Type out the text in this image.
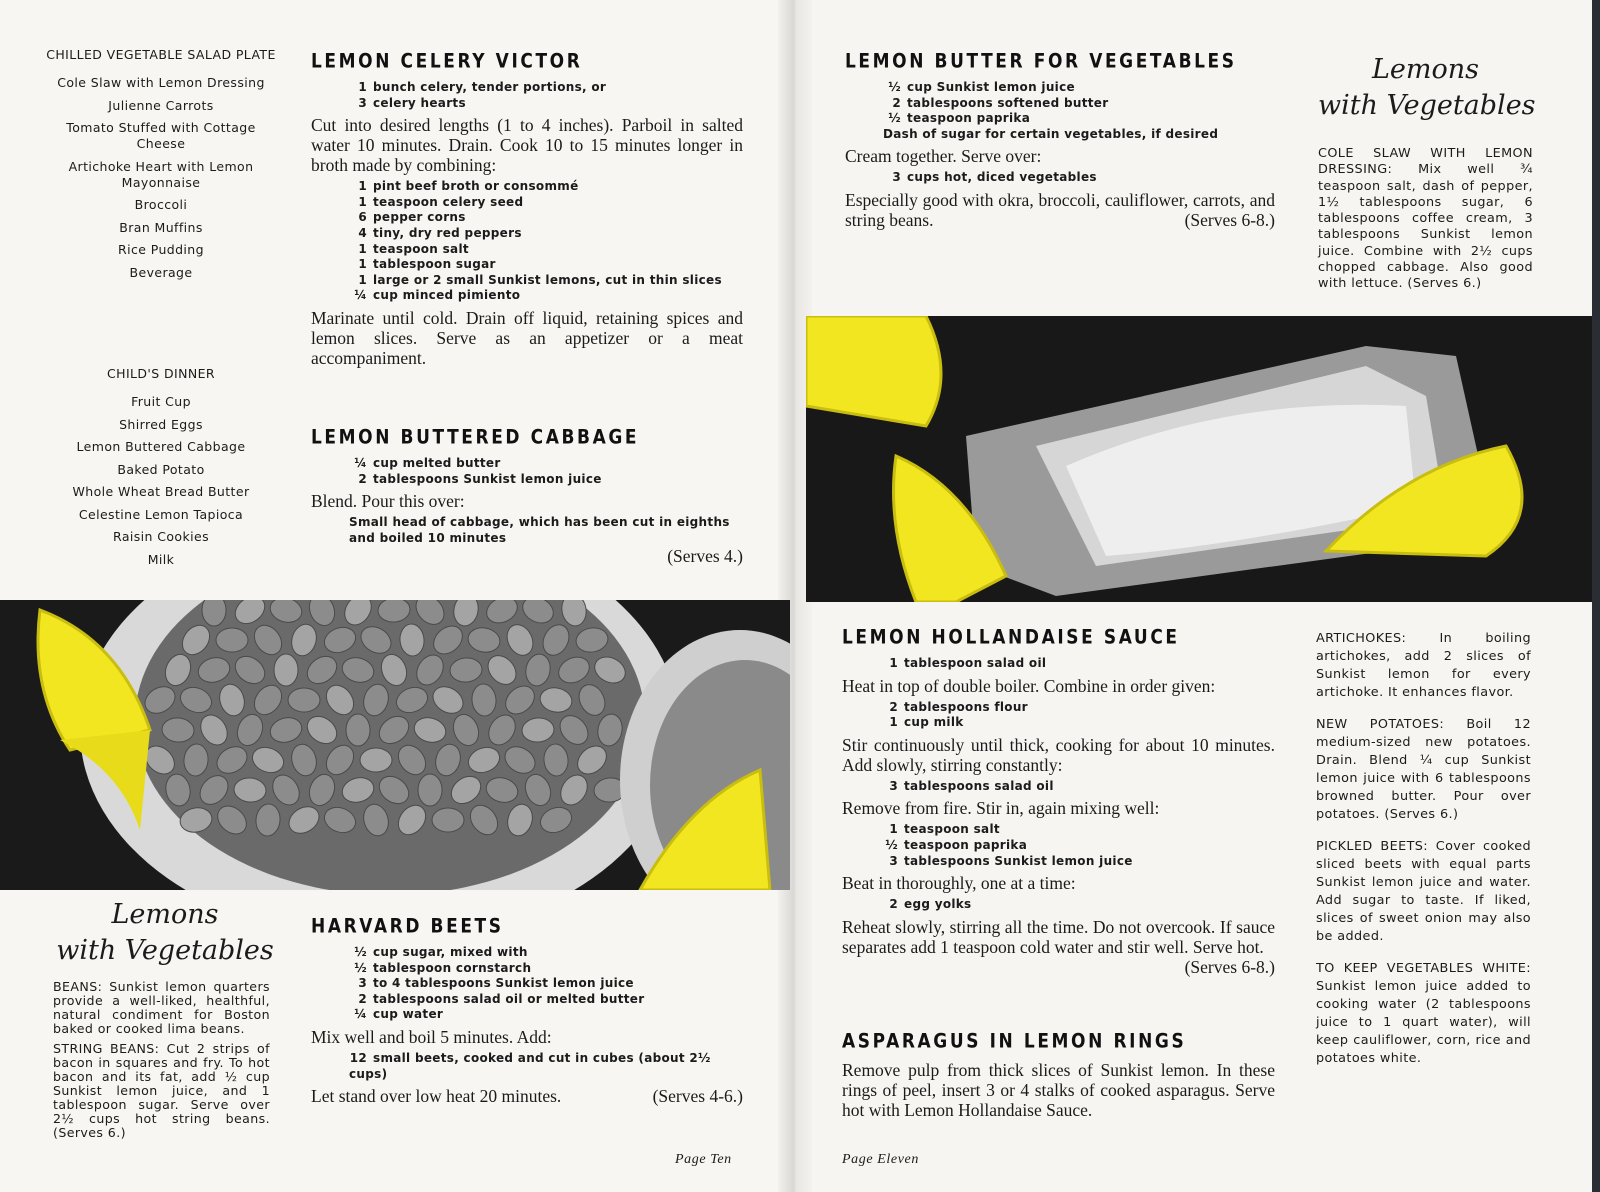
CHILLED VEGETABLE SALAD PLATE
Cole Slaw with Lemon Dressing
Julienne Carrots
Tomato Stuffed with Cottage Cheese
Artichoke Heart with Lemon Mayonnaise
Broccoli
Bran Muffins
Rice Pudding
Beverage
CHILD'S DINNER
Fruit Cup
Shirred Eggs
Lemon Buttered Cabbage
Baked Potato
Whole Wheat Bread Butter
Celestine Lemon Tapioca
Raisin Cookies
Milk
LEMON CELERY VICTOR
1 bunch celery, tender portions, or
3 celery hearts

Cut into desired lengths (1 to 4 inches). Parboil in salted water 10 minutes. Drain. Cook 10 to 15 minutes longer in broth made by combining:

1 pint beef broth or consommé
1 teaspoon celery seed
6 pepper corns
4 tiny, dry red peppers
1 teaspoon salt
1 tablespoon sugar
1 large or 2 small Sunkist lemons, cut in thin slices
¼ cup minced pimiento

Marinate until cold. Drain off liquid, retaining spices and lemon slices. Serve as an appetizer or a meat accompaniment.

LEMON BUTTERED CABBAGE
¼ cup melted butter
2 tablespoons Sunkist lemon juice

Blend. Pour this over:

Small head of cabbage, which has been cut in eighths and boiled 10 minutes
(Serves 4.)
Lemons
with Vegetables

BEANS: Sunkist lemon quarters provide a well-liked, healthful, natural condiment for Boston baked or cooked lima beans.

STRING BEANS: Cut 2 strips of bacon in squares and fry. To hot bacon and its fat, add ½ cup Sunkist lemon juice, and 1 tablespoon sugar. Serve over 2½ cups hot string beans. (Serves 6.)

HARVARD BEETS
½ cup sugar, mixed with
½ tablespoon cornstarch
3 to 4 tablespoons Sunkist lemon juice
2 tablespoons salad oil or melted butter
¼ cup water

Mix well and boil 5 minutes. Add:

12 small beets, cooked and cut in cubes (about 2½ cups)

Let stand over low heat 20 minutes.	(Serves 4-6.)

Page Ten
LEMON BUTTER FOR VEGETABLES
½ cup Sunkist lemon juice
2 tablespoons softened butter
½ teaspoon paprika
Dash of sugar for certain vegetables, if desired

Cream together. Serve over:

3 cups hot, diced vegetables

Especially good with okra, broccoli, cauliflower, carrots, and string beans.	(Serves 6-8.)

Lemons
with Vegetables

COLE SLAW WITH LEMON DRESSING: Mix well ¾ teaspoon salt, dash of pepper, 1½ tablespoons sugar, 6 tablespoons coffee cream, 3 tablespoons Sunkist lemon juice. Combine with 2½ cups chopped cabbage. Also good with lettuce. (Serves 6.)

LEMON HOLLANDAISE SAUCE
1 tablespoon salad oil

Heat in top of double boiler. Combine in order given:

2 tablespoons flour
1 cup milk

Stir continuously until thick, cooking for about 10 minutes. Add slowly, stirring constantly:

3 tablespoons salad oil

Remove from fire. Stir in, again mixing well:

1 teaspoon salt
½ teaspoon paprika
3 tablespoons Sunkist lemon juice

Beat in thoroughly, one at a time:

2 egg yolks

Reheat slowly, stirring all the time. Do not overcook. If sauce separates add 1 teaspoon cold water and stir well. Serve hot.
(Serves 6-8.)

ASPARAGUS IN LEMON RINGS

Remove pulp from thick slices of Sunkist lemon. In these rings of peel, insert 3 or 4 stalks of cooked asparagus. Serve hot with Lemon Hollandaise Sauce.

Page Eleven

ARTICHOKES: In boiling artichokes, add 2 slices of Sunkist lemon for every artichoke. It enhances flavor.

NEW POTATOES: Boil 12 medium-sized new potatoes. Drain. Blend ¼ cup Sunkist lemon juice with 6 tablespoons browned butter. Pour over potatoes. (Serves 6.)

PICKLED BEETS: Cover cooked sliced beets with equal parts Sunkist lemon juice and water. Add sugar to taste. If liked, slices of sweet onion may also be added.

TO KEEP VEGETABLES WHITE: Sunkist lemon juice added to cooking water (2 tablespoons juice to 1 quart water), will keep cauliflower, corn, rice and potatoes white.
